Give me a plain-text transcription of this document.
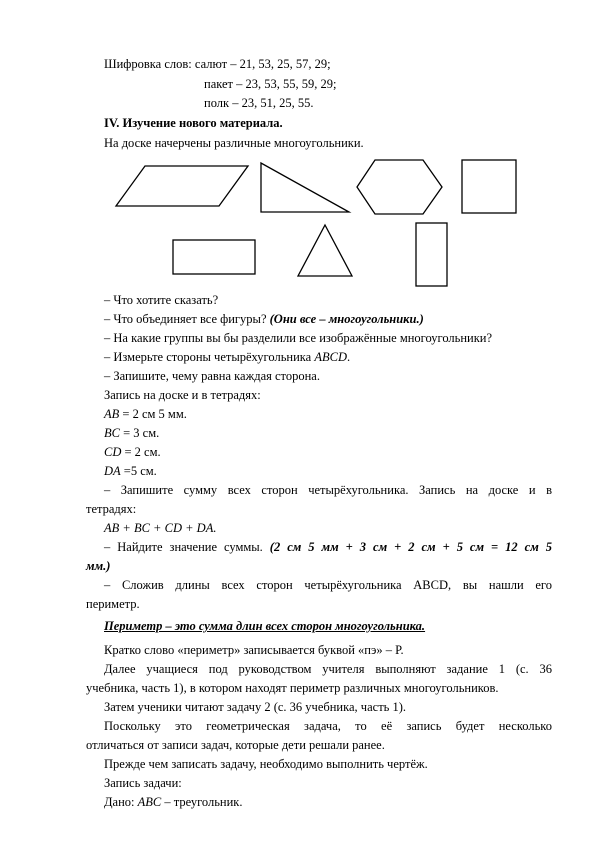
Шифровка слов: салют – 21, 53, 25, 57, 29;
пакет – 23, 53, 55, 59, 29;
полк – 23, 51, 25, 55.
IV. Изучение нового материала.
На доске начерчены различные многоугольники.
– Что хотите сказать?
– Что объединяет все фигуры? (Они все – многоугольники.)
– На какие группы вы бы разделили все изображённые многоугольники?
– Измерьте стороны четырёхугольника ABCD.
– Запишите, чему равна каждая сторона.
Запись на доске и в тетрадях:
AB = 2 см 5 мм.
BC = 3 см.
CD = 2 см.
DA =5 см.
– Запишите сумму всех сторон четырёхугольника. Запись на доске и в
тетрадях:
AB + BC + CD + DA.
– Найдите значение суммы. (2 см 5 мм + 3 см + 2 см + 5 см = 12 см 5
мм.)
– Сложив длины всех сторон четырёхугольника ABCD, вы нашли его
периметр.
Периметр – это сумма длин всех сторон многоугольника.
Кратко слово «периметр» записывается буквой «пэ» – Р.
Далее учащиеся под руководством учителя выполняют задание 1 (с. 36
учебника, часть 1), в котором находят периметр различных многоугольников.
Затем ученики читают задачу 2 (с. 36 учебника, часть 1).
Поскольку это геометрическая задача, то её запись будет несколько
отличаться от записи задач, которые дети решали ранее.
Прежде чем записать задачу, необходимо выполнить чертёж.
Запись задачи:
Дано: ABC – треугольник.
